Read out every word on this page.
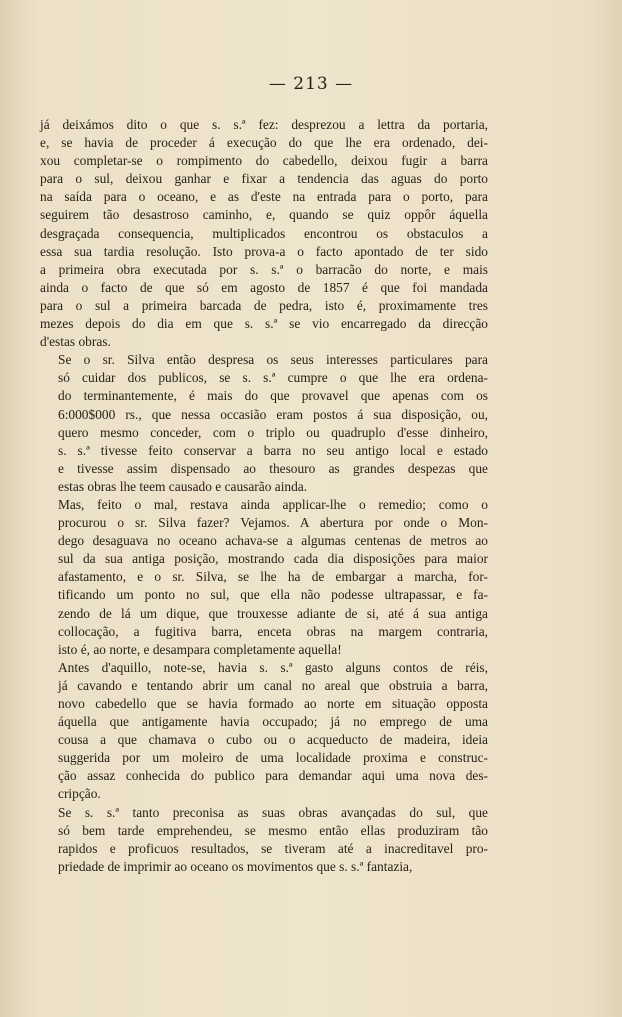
— 213 —

já deixámos dito o que s. s.ª fez: desprezou a lettra da portaria,
e, se havia de proceder á execução do que lhe era ordenado, dei-
xou completar-se o rompimento do cabedello, deixou fugir a barra
para o sul, deixou ganhar e fixar a tendencia das aguas do porto
na saída para o oceano, e as d'este na entrada para o porto, para
seguirem tão desastroso caminho, e, quando se quiz oppôr áquella
desgraçada consequencia, multiplicados encontrou os obstaculos a
essa sua tardia resolução. Isto prova-a o facto apontado de ter sido
a primeira obra executada por s. s.ª o barracão do norte, e mais
ainda o facto de que só em agosto de 1857 é que foi mandada
para o sul a primeira barcada de pedra, isto é, proximamente tres
mezes depois do dia em que s. s.ª se vio encarregado da direcção
d'estas obras.

Se o sr. Silva então despresa os seus interesses particulares para
só cuidar dos publicos, se s. s.ª cumpre o que lhe era ordena-
do terminantemente, é mais do que provavel que apenas com os
6:000$000 rs., que nessa occasião eram postos á sua disposição, ou,
quero mesmo conceder, com o triplo ou quadruplo d'esse dinheiro,
s. s.ª tivesse feito conservar a barra no seu antigo local e estado
e tivesse assim dispensado ao thesouro as grandes despezas que
estas obras lhe teem causado e causarão ainda.

Mas, feito o mal, restava ainda applicar-lhe o remedio; como o
procurou o sr. Silva fazer? Vejamos. A abertura por onde o Mon-
dego desaguava no oceano achava-se a algumas centenas de metros ao
sul da sua antiga posição, mostrando cada dia disposições para maior
afastamento, e o sr. Silva, se lhe ha de embargar a marcha, for-
tificando um ponto no sul, que ella não podesse ultrapassar, e fa-
zendo de lá um dique, que trouxesse adiante de si, até á sua antiga
collocação, a fugitiva barra, enceta obras na margem contraria,
isto é, ao norte, e desampara completamente aquella!

Antes d'aquillo, note-se, havia s. s.ª gasto alguns contos de réis,
já cavando e tentando abrir um canal no areal que obstruia a barra,
novo cabedello que se havia formado ao norte em situação opposta
áquella que antigamente havia occupado; já no emprego de uma
cousa a que chamava o cubo ou o acqueducto de madeira, ideia
suggerida por um moleiro de uma localidade proxima e construc-
ção assaz conhecida do publico para demandar aqui uma nova des-
cripção.

Se s. s.ª tanto preconisa as suas obras avançadas do sul, que
só bem tarde emprehendeu, se mesmo então ellas produziram tão
rapidos e proficuos resultados, se tiveram até a inacreditavel pro-
priedade de imprimir ao oceano os movimentos que s. s.ª fantazia,
